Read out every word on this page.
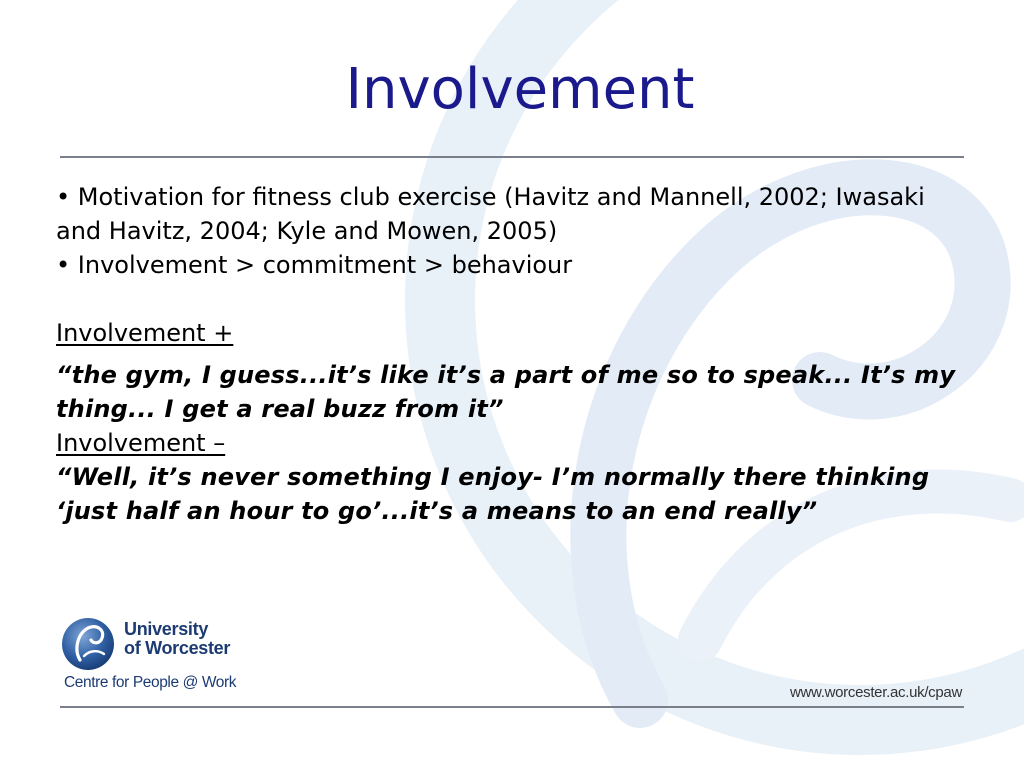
Involvement

• Motivation for fitness club exercise (Havitz and Mannell, 2002; Iwasaki and Havitz, 2004; Kyle and Mowen, 2005)

• Involvement > commitment > behaviour

Involvement +

“the gym, I guess...it’s like it’s a part of me so to speak... It’s my thing... I get a real buzz from it”

Involvement –

“Well, it’s never something I enjoy- I’m normally there thinking ‘just half an hour to go’...it’s a means to an end really”

University
of Worcester
Centre for People @ Work
www.worcester.ac.uk/cpaw
